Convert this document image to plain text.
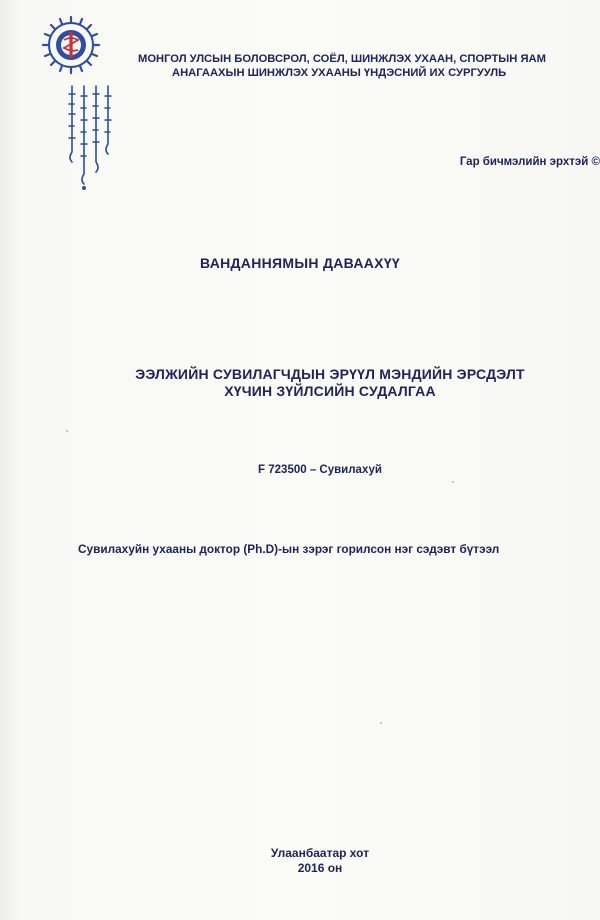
МОНГОЛ УЛСЫН БОЛОВСРОЛ, СОЁЛ, ШИНЖЛЭХ УХААН, СПОРТЫН ЯАМ
АНАГААХЫН ШИНЖЛЭХ УХААНЫ ҮНДЭСНИЙ ИХ СУРГУУЛЬ
Гар бичмэлийн эрхтэй ©
ВАНДАННЯМЫН ДАВААХҮҮ
ЭЭЛЖИЙН СУВИЛАГЧДЫН ЭРҮҮЛ МЭНДИЙН ЭРСДЭЛТ
ХҮЧИН ЗҮЙЛСИЙН СУДАЛГАА
F 723500 – Сувилахуй
Сувилахуйн ухааны доктор (Ph.D)-ын зэрэг горилсон нэг сэдэвт бүтээл
Улаанбаатар хот
2016 он
